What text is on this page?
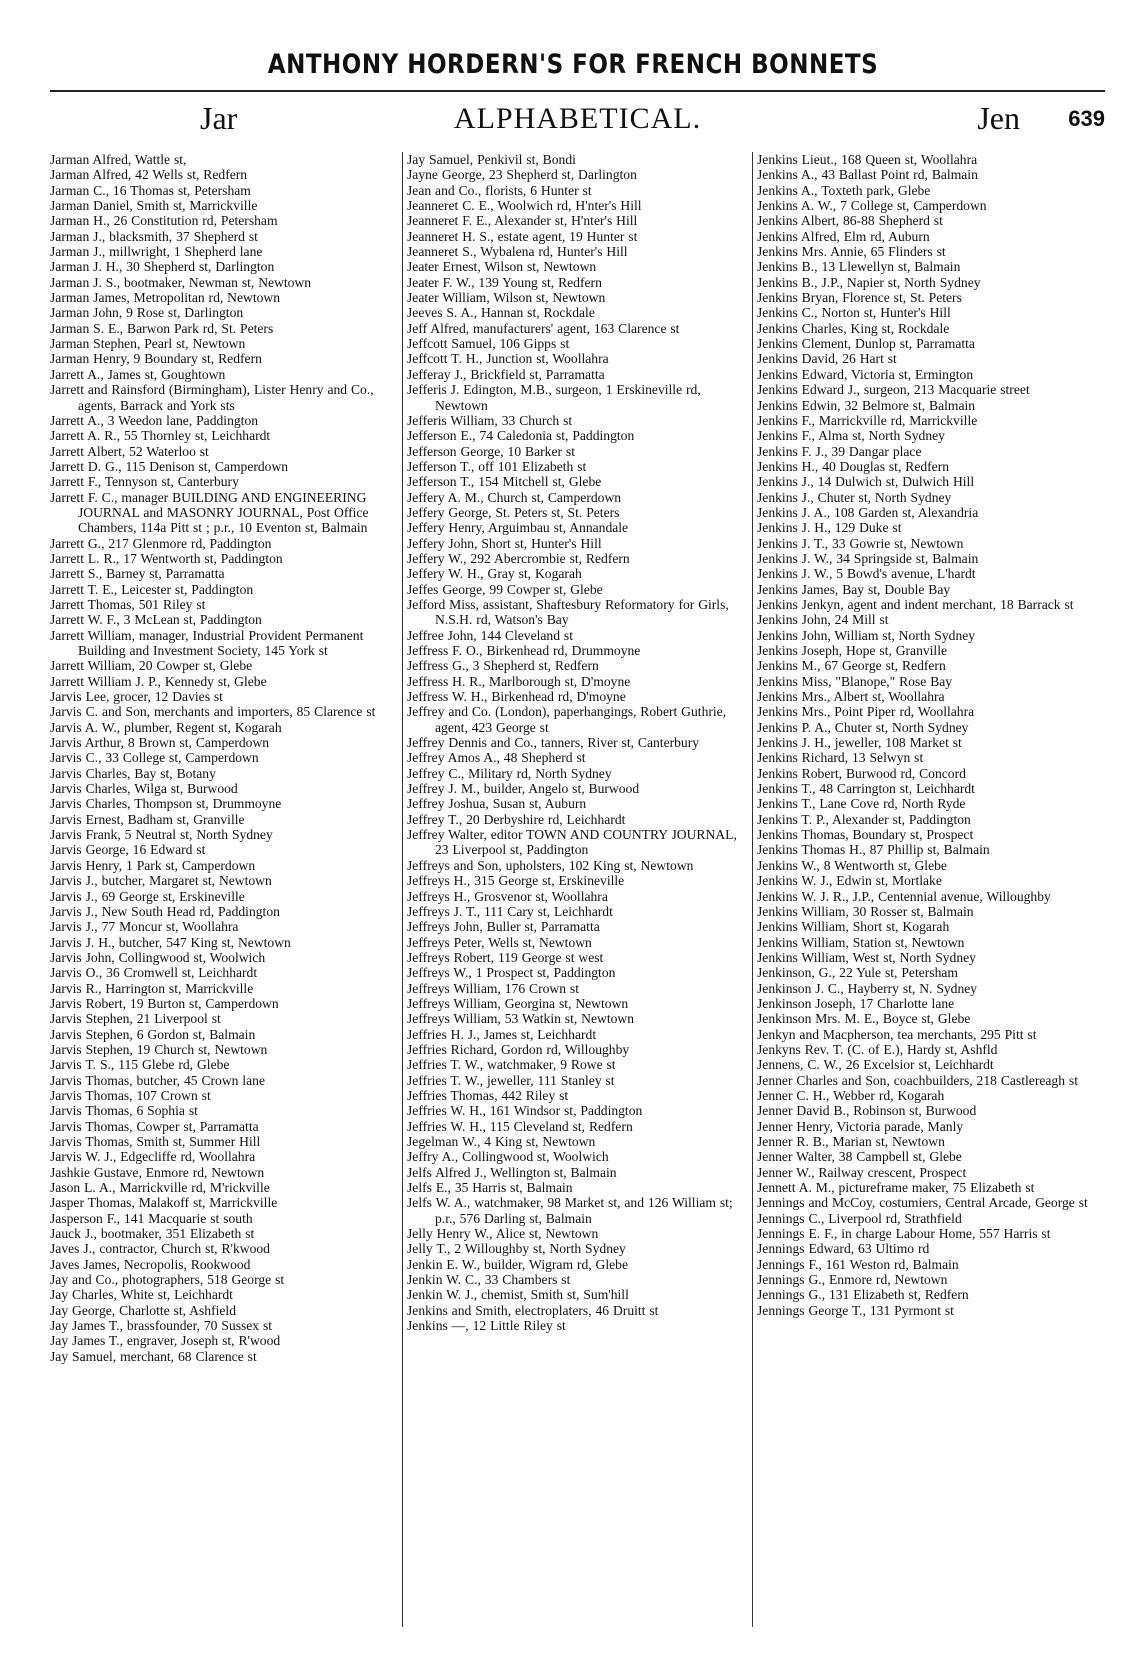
ANTHONY HORDERN'S FOR FRENCH BONNETS
Jar	ALPHABETICAL.	Jen 639
Jarman Alfred, Wattle st,
Jarman Alfred, 42 Wells st, Redfern
Jarman C., 16 Thomas st, Petersham
Jarman Daniel, Smith st, Marrickville
Jarman H., 26 Constitution rd, Petersham
Jarman J., blacksmith, 37 Shepherd st
Jarman J., millwright, 1 Shepherd lane
Jarman J. H., 30 Shepherd st, Darlington
Jarman J. S., bootmaker, Newman st, Newtown
Jarman James, Metropolitan rd, Newtown
Jarman John, 9 Rose st, Darlington
Jarman S. E., Barwon Park rd, St. Peters
Jarman Stephen, Pearl st, Newtown
Jarman Henry, 9 Boundary st, Redfern
Jarrett A., James st, Goughtown
Jarrett and Rainsford (Birmingham), Lister Henry and Co., agents, Barrack and York sts
Jarrett A., 3 Weedon lane, Paddington
Jarrett A. R., 55 Thornley st, Leichhardt
Jarrett Albert, 52 Waterloo st
Jarrett D. G., 115 Denison st, Camperdown
Jarrett F., Tennyson st, Canterbury
Jarrett F. C., manager BUILDING AND ENGINEERING JOURNAL and MASONRY JOURNAL, Post Office Chambers, 114a Pitt st ; p.r., 10 Eventon st, Balmain
Jarrett G., 217 Glenmore rd, Paddington
Jarrett L. R., 17 Wentworth st, Paddington
Jarrett S., Barney st, Parramatta
Jarrett T. E., Leicester st, Paddington
Jarrett Thomas, 501 Riley st
Jarrett W. F., 3 McLean st, Paddington
Jarrett William, manager, Industrial Provident Permanent Building and Investment Society, 145 York st
Jarrett William, 20 Cowper st, Glebe
Jarrett William J. P., Kennedy st, Glebe
Jarvis Lee, grocer, 12 Davies st
Jarvis C. and Son, merchants and importers, 85 Clarence st
Jarvis A. W., plumber, Regent st, Kogarah
Jarvis Arthur, 8 Brown st, Camperdown
Jarvis C., 33 College st, Camperdown
Jarvis Charles, Bay st, Botany
Jarvis Charles, Wilga st, Burwood
Jarvis Charles, Thompson st, Drummoyne
Jarvis Ernest, Badham st, Granville
Jarvis Frank, 5 Neutral st, North Sydney
Jarvis George, 16 Edward st
Jarvis Henry, 1 Park st, Camperdown
Jarvis J., butcher, Margaret st, Newtown
Jarvis J., 69 George st, Erskineville
Jarvis J., New South Head rd, Paddington
Jarvis J., 77 Moncur st, Woollahra
Jarvis J. H., butcher, 547 King st, Newtown
Jarvis John, Collingwood st, Woolwich
Jarvis O., 36 Cromwell st, Leichhardt
Jarvis R., Harrington st, Marrickville
Jarvis Robert, 19 Burton st, Camperdown
Jarvis Stephen, 21 Liverpool st
Jarvis Stephen, 6 Gordon st, Balmain
Jarvis Stephen, 19 Church st, Newtown
Jarvis T. S., 115 Glebe rd, Glebe
Jarvis Thomas, butcher, 45 Crown lane
Jarvis Thomas, 107 Crown st
Jarvis Thomas, 6 Sophia st
Jarvis Thomas, Cowper st, Parramatta
Jarvis Thomas, Smith st, Summer Hill
Jarvis W. J., Edgecliffe rd, Woollahra
Jashkie Gustave, Enmore rd, Newtown
Jason L. A., Marrickville rd, M'rickville
Jasper Thomas, Malakoff st, Marrickville
Jasperson F., 141 Macquarie st south
Jauck J., bootmaker, 351 Elizabeth st
Javes J., contractor, Church st, R'kwood
Javes James, Necropolis, Rookwood
Jay and Co., photographers, 518 George st
Jay Charles, White st, Leichhardt
Jay George, Charlotte st, Ashfield
Jay James T., brassfounder, 70 Sussex st
Jay James T., engraver, Joseph st, R'wood
Jay Samuel, merchant, 68 Clarence st
Jay Samuel, Penkivil st, Bondi
Jayne George, 23 Shepherd st, Darlington
Jean and Co., florists, 6 Hunter st
Jeanneret C. E., Woolwich rd, H'nter's Hill
Jeanneret F. E., Alexander st, H'nter's Hill
Jeanneret H. S., estate agent, 19 Hunter st
Jeanneret S., Wybalena rd, Hunter's Hill
Jeater Ernest, Wilson st, Newtown
Jeater F. W., 139 Young st, Redfern
Jeater William, Wilson st, Newtown
Jeeves S. A., Hannan st, Rockdale
Jeff Alfred, manufacturers' agent, 163 Clarence st
Jeffcott Samuel, 106 Gipps st
Jeffcott T. H., Junction st, Woollahra
Jefferay J., Brickfield st, Parramatta
Jefferis J. Edington, M.B., surgeon, 1 Erskineville rd, Newtown
Jefferis William, 33 Church st
Jefferson E., 74 Caledonia st, Paddington
Jefferson George, 10 Barker st
Jefferson T., off 101 Elizabeth st
Jefferson T., 154 Mitchell st, Glebe
Jeffery A. M., Church st, Camperdown
Jeffery George, St. Peters st, St. Peters
Jeffery Henry, Arguimbau st, Annandale
Jeffery John, Short st, Hunter's Hill
Jeffery W., 292 Abercrombie st, Redfern
Jeffery W. H., Gray st, Kogarah
Jeffes George, 99 Cowper st, Glebe
Jefford Miss, assistant, Shaftesbury Reformatory for Girls, N.S.H. rd, Watson's Bay
Jeffree John, 144 Cleveland st
Jeffress F. O., Birkenhead rd, Drummoyne
Jeffress G., 3 Shepherd st, Redfern
Jeffress H. R., Marlborough st, D'moyne
Jeffress W. H., Birkenhead rd, D'moyne
Jeffrey and Co. (London), paperhangings, Robert Guthrie, agent, 423 George st
Jeffrey Dennis and Co., tanners, River st, Canterbury
Jeffrey Amos A., 48 Shepherd st
Jeffrey C., Military rd, North Sydney
Jeffrey J. M., builder, Angelo st, Burwood
Jeffrey Joshua, Susan st, Auburn
Jeffrey T., 20 Derbyshire rd, Leichhardt
Jeffrey Walter, editor TOWN AND COUNTRY JOURNAL, 23 Liverpool st, Paddington
Jeffreys and Son, upholsters, 102 King st, Newtown
Jeffreys H., 315 George st, Erskineville
Jeffreys H., Grosvenor st, Woollahra
Jeffreys J. T., 111 Cary st, Leichhardt
Jeffreys John, Buller st, Parramatta
Jeffreys Peter, Wells st, Newtown
Jeffreys Robert, 119 George st west
Jeffreys W., 1 Prospect st, Paddington
Jeffreys William, 176 Crown st
Jeffreys William, Georgina st, Newtown
Jeffreys William, 53 Watkin st, Newtown
Jeffries H. J., James st, Leichhardt
Jeffries Richard, Gordon rd, Willoughby
Jeffries T. W., watchmaker, 9 Rowe st
Jeffries T. W., jeweller, 111 Stanley st
Jeffries Thomas, 442 Riley st
Jeffries W. H., 161 Windsor st, Paddington
Jeffries W. H., 115 Cleveland st, Redfern
Jegelman W., 4 King st, Newtown
Jeffry A., Collingwood st, Woolwich
Jelfs Alfred J., Wellington st, Balmain
Jelfs E., 35 Harris st, Balmain
Jelfs W. A., watchmaker, 98 Market st, and 126 William st; p.r., 576 Darling st, Balmain
Jelly Henry W., Alice st, Newtown
Jelly T., 2 Willoughby st, North Sydney
Jenkin E. W., builder, Wigram rd, Glebe
Jenkin W. C., 33 Chambers st
Jenkin W. J., chemist, Smith st, Sum'hill
Jenkins and Smith, electroplaters, 46 Druitt st
Jenkins —, 12 Little Riley st
Jenkins Lieut., 168 Queen st, Woollahra
Jenkins A., 43 Ballast Point rd, Balmain
Jenkins A., Toxteth park, Glebe
Jenkins A. W., 7 College st, Camperdown
Jenkins Albert, 86-88 Shepherd st
Jenkins Alfred, Elm rd, Auburn
Jenkins Mrs. Annie, 65 Flinders st
Jenkins B., 13 Llewellyn st, Balmain
Jenkins B., J.P., Napier st, North Sydney
Jenkins Bryan, Florence st, St. Peters
Jenkins C., Norton st, Hunter's Hill
Jenkins Charles, King st, Rockdale
Jenkins Clement, Dunlop st, Parramatta
Jenkins David, 26 Hart st
Jenkins Edward, Victoria st, Ermington
Jenkins Edward J., surgeon, 213 Macquarie street
Jenkins Edwin, 32 Belmore st, Balmain
Jenkins F., Marrickville rd, Marrickville
Jenkins F., Alma st, North Sydney
Jenkins F. J., 39 Dangar place
Jenkins H., 40 Douglas st, Redfern
Jenkins J., 14 Dulwich st, Dulwich Hill
Jenkins J., Chuter st, North Sydney
Jenkins J. A., 108 Garden st, Alexandria
Jenkins J. H., 129 Duke st
Jenkins J. T., 33 Gowrie st, Newtown
Jenkins J. W., 34 Springside st, Balmain
Jenkins J. W., 5 Bowd's avenue, L'hardt
Jenkins James, Bay st, Double Bay
Jenkins Jenkyn, agent and indent merchant, 18 Barrack st
Jenkins John, 24 Mill st
Jenkins John, William st, North Sydney
Jenkins Joseph, Hope st, Granville
Jenkins M., 67 George st, Redfern
Jenkins Miss, "Blanope," Rose Bay
Jenkins Mrs., Albert st, Woollahra
Jenkins Mrs., Point Piper rd, Woollahra
Jenkins P. A., Chuter st, North Sydney
Jenkins J. H., jeweller, 108 Market st
Jenkins Richard, 13 Selwyn st
Jenkins Robert, Burwood rd, Concord
Jenkins T., 48 Carrington st, Leichhardt
Jenkins T., Lane Cove rd, North Ryde
Jenkins T. P., Alexander st, Paddington
Jenkins Thomas, Boundary st, Prospect
Jenkins Thomas H., 87 Phillip st, Balmain
Jenkins W., 8 Wentworth st, Glebe
Jenkins W. J., Edwin st, Mortlake
Jenkins W. J. R., J.P., Centennial avenue, Willoughby
Jenkins William, 30 Rosser st, Balmain
Jenkins William, Short st, Kogarah
Jenkins William, Station st, Newtown
Jenkins William, West st, North Sydney
Jenkinson, G., 22 Yule st, Petersham
Jenkinson J. C., Hayberry st, N. Sydney
Jenkinson Joseph, 17 Charlotte lane
Jenkinson Mrs. M. E., Boyce st, Glebe
Jenkyn and Macpherson, tea merchants, 295 Pitt st
Jenkyns Rev. T. (C. of E.), Hardy st, Ashfld
Jennens, C. W., 26 Excelsior st, Leichhardt
Jenner Charles and Son, coachbuilders, 218 Castlereagh st
Jenner C. H., Webber rd, Kogarah
Jenner David B., Robinson st, Burwood
Jenner Henry, Victoria parade, Manly
Jenner R. B., Marian st, Newtown
Jenner Walter, 38 Campbell st, Glebe
Jenner W., Railway crescent, Prospect
Jennett A. M., pictureframe maker, 75 Elizabeth st
Jennings and McCoy, costumiers, Central Arcade, George st
Jennings C., Liverpool rd, Strathfield
Jennings E. F., in charge Labour Home, 557 Harris st
Jennings Edward, 63 Ultimo rd
Jennings F., 161 Weston rd, Balmain
Jennings G., Enmore rd, Newtown
Jennings G., 131 Elizabeth st, Redfern
Jennings George T., 131 Pyrmont st
